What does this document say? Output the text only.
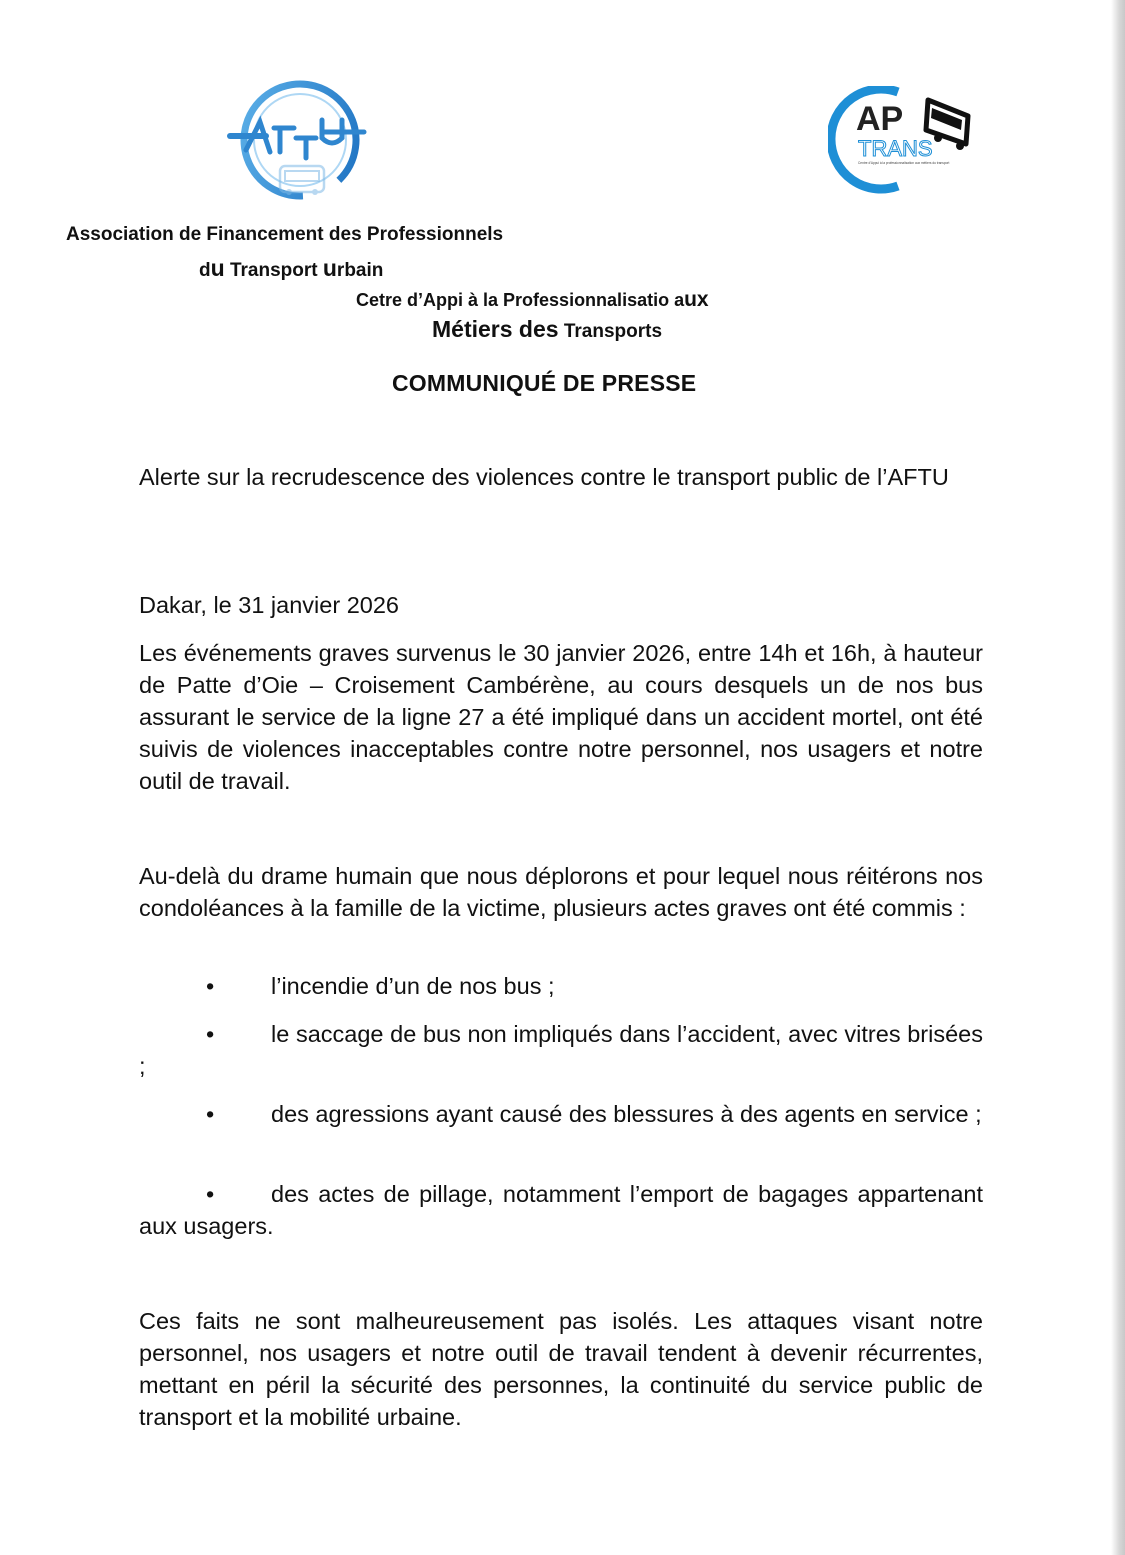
AP
TRANS
Centre d'Appui à la professionnalisation aux métiers du transport
Association de Financement des Professionnels
du Transport urbain
Cetre d’Appi à la Professionnalisatio aux
Métiers des Transports
COMMUNIQUÉ DE PRESSE
Alerte sur la recrudescence des violences contre le transport public de l’AFTU
Dakar, le 31 janvier 2026
Les événements graves survenus le 30 janvier 2026, entre 14h et 16h, à hauteur de Patte d’Oie – Croisement Cambérène, au cours desquels un de nos bus assurant le service de la ligne 27 a été impliqué dans un accident mortel, ont été suivis de violences inacceptables contre notre personnel, nos usagers et notre outil de travail.
Au-delà du drame humain que nous déplorons et pour lequel nous réitérons nos condoléances à la famille de la victime, plusieurs actes graves ont été commis :
• l’incendie d’un de nos bus ;
• le saccage de bus non impliqués dans l’accident, avec vitres brisées ;
• des agressions ayant causé des blessures à des agents en service ;
• des actes de pillage, notamment l’emport de bagages appartenant aux usagers.
Ces faits ne sont malheureusement pas isolés. Les attaques visant notre personnel, nos usagers et notre outil de travail tendent à devenir récurrentes, mettant en péril la sécurité des personnes, la continuité du service public de transport et la mobilité urbaine.
